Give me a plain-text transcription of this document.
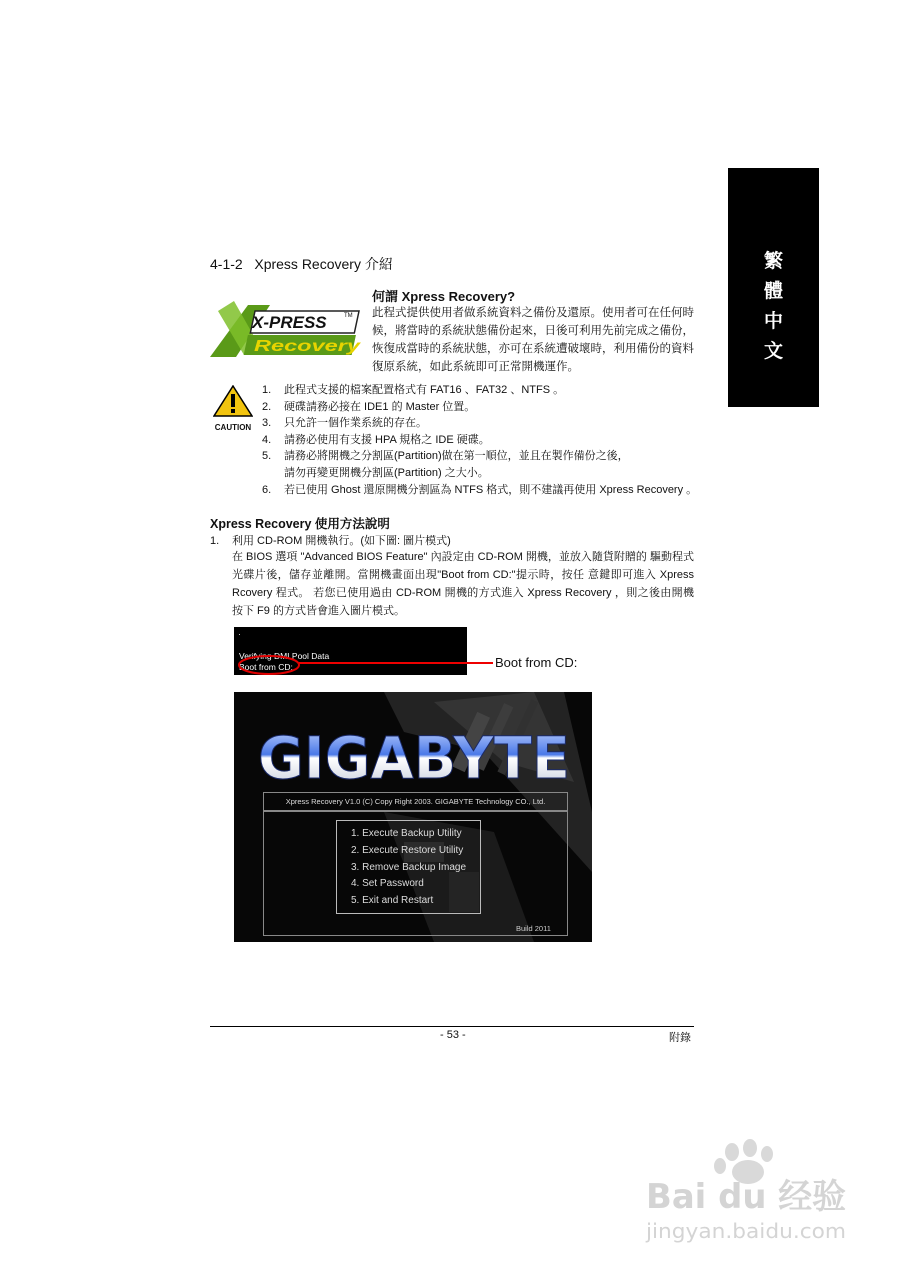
繁
體
中
文
4-1-2 Xpress Recovery 介紹
X-PRESS	TM
Recovery
何謂 Xpress Recovery?
此程式提供使用者做系統資料之備份及還原。使用者可在任何時候，將當時的系統狀態備份起來，日後可利用先前完成之備份，恢復成當時的系統狀態，亦可在系統遭破壞時，利用備份的資料復原系統，如此系統即可正常開機運作。
CAUTION
1.	此程式支援的檔案配置格式有 FAT16 、FAT32 、NTFS 。
2.	硬碟請務必接在 IDE1 的 Master 位置。
3.	只允許一個作業系統的存在。
4.	請務必使用有支援 HPA 規格之 IDE 硬碟。
5.	請務必將開機之分割區(Partition)做在第一順位，並且在製作備份之後，
請勿再變更開機分割區(Partition) 之大小。
6.	若已使用 Ghost 還原開機分割區為 NTFS 格式，則不建議再使用 Xpress Recovery 。
Xpress Recovery 使用方法說明
1. 利用 CD-ROM 開機執行。(如下圖: 圖片模式)
在 BIOS 選項 "Advanced BIOS Feature" 內設定由 CD-ROM 開機，並放入隨貨附贈的 驅動程式光碟片後，儲存並離開。當開機畫面出現"Boot from CD:"提示時，按任 意鍵即可進入 Xpress Rcovery 程式。 若您已使用過由 CD-ROM 開機的方式進入 Xpress Recovery ，則之後由開機按下 F9 的方式皆會進入圖片模式。
·
Verifying DMI Pool Data
Boot from CD:	Boot from CD:
GIGABYTE
Xpress Recovery V1.0 (C) Copy Right 2003. GIGABYTE Technology CO., Ltd.
1. Execute Backup Utility
2. Execute Restore Utility
3. Remove Backup Image
4. Set Password
5. Exit and Restart
Build 2011
- 53 -	附錄
Bai du 经验
jingyan.baidu.com
